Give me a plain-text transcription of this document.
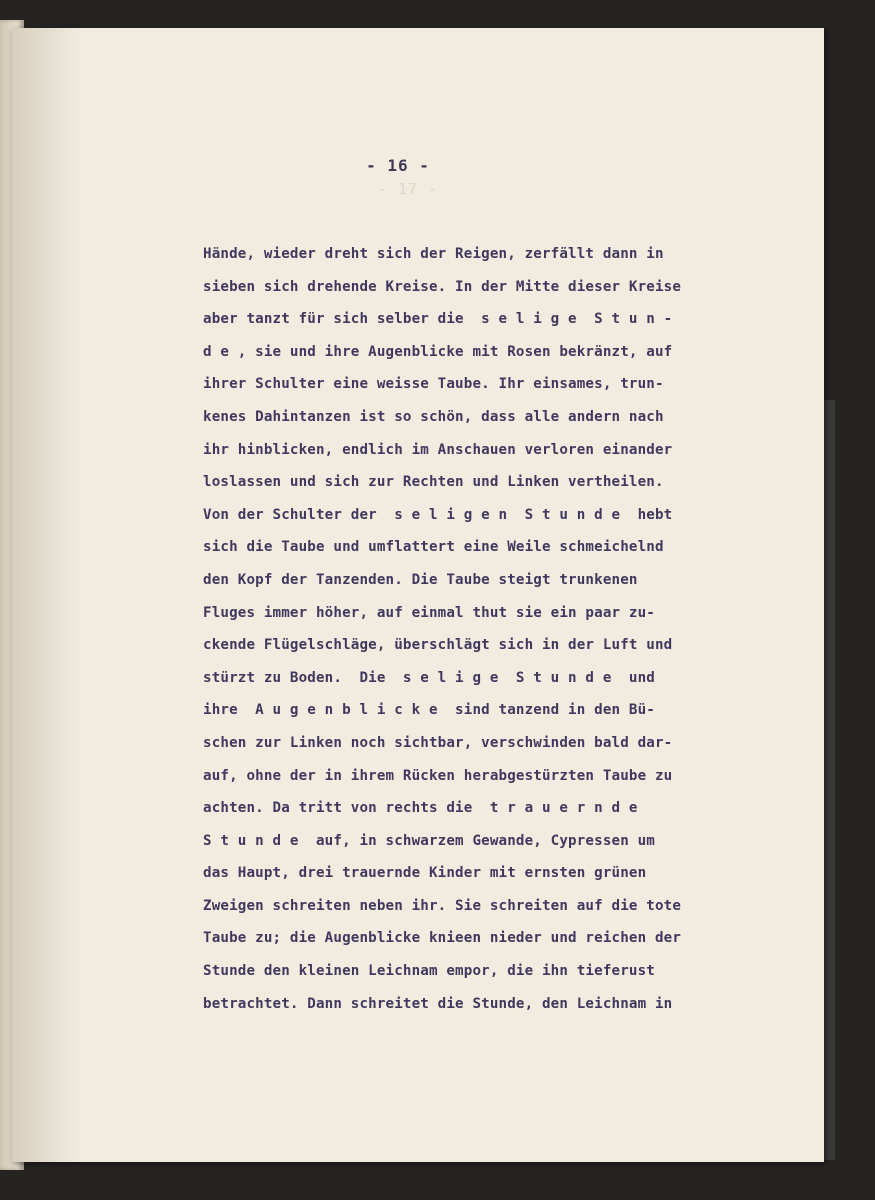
- 16 -
- 17 -
Hände, wieder dreht sich der Reigen, zerfällt dann in
sieben sich drehende Kreise. In der Mitte dieser Kreise
aber tanzt für sich selber die  s e l i g e  S t u n -
d e , sie und ihre Augenblicke mit Rosen bekränzt, auf
ihrer Schulter eine weisse Taube. Ihr einsames, trun-
kenes Dahintanzen ist so schön, dass alle andern nach
ihr hinblicken, endlich im Anschauen verloren einander
loslassen und sich zur Rechten und Linken vertheilen.
Von der Schulter der  s e l i g e n  S t u n d e  hebt
sich die Taube und umflattert eine Weile schmeichelnd
den Kopf der Tanzenden. Die Taube steigt trunkenen
Fluges immer höher, auf einmal thut sie ein paar zu-
ckende Flügelschläge, überschlägt sich in der Luft und
stürzt zu Boden.  Die  s e l i g e  S t u n d e  und
ihre  A u g e n b l i c k e  sind tanzend in den Bü-
schen zur Linken noch sichtbar, verschwinden bald dar-
auf, ohne der in ihrem Rücken herabgestürzten Taube zu
achten. Da tritt von rechts die  t r a u e r n d e
S t u n d e  auf, in schwarzem Gewande, Cypressen um
das Haupt, drei trauernde Kinder mit ernsten grünen
Zweigen schreiten neben ihr. Sie schreiten auf die tote
Taube zu; die Augenblicke knieen nieder und reichen der
Stunde den kleinen Leichnam empor, die ihn tieferust
betrachtet. Dann schreitet die Stunde, den Leichnam in
